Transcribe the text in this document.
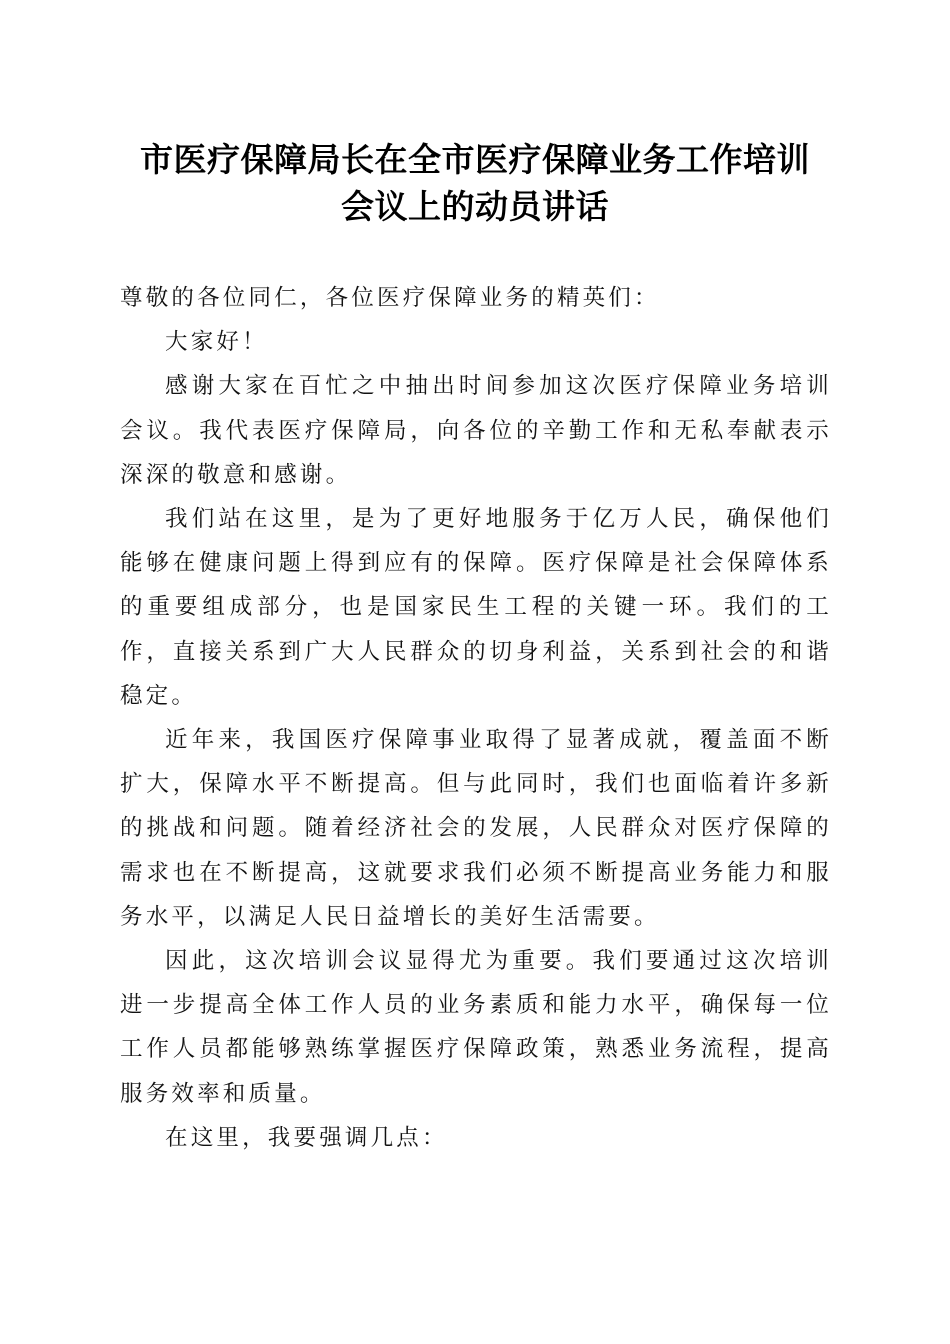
市医疗保障局长在全市医疗保障业务工作培训
会议上的动员讲话

尊敬的各位同仁，各位医疗保障业务的精英们：

大家好！

感谢大家在百忙之中抽出时间参加这次医疗保障业务培训会议。我代表医疗保障局，向各位的辛勤工作和无私奉献表示深深的敬意和感谢。

我们站在这里，是为了更好地服务于亿万人民，确保他们能够在健康问题上得到应有的保障。医疗保障是社会保障体系的重要组成部分，也是国家民生工程的关键一环。我们的工作，直接关系到广大人民群众的切身利益，关系到社会的和谐稳定。

近年来，我国医疗保障事业取得了显著成就，覆盖面不断扩大，保障水平不断提高。但与此同时，我们也面临着许多新的挑战和问题。随着经济社会的发展，人民群众对医疗保障的需求也在不断提高，这就要求我们必须不断提高业务能力和服务水平，以满足人民日益增长的美好生活需要。

因此，这次培训会议显得尤为重要。我们要通过这次培训进一步提高全体工作人员的业务素质和能力水平，确保每一位工作人员都能够熟练掌握医疗保障政策，熟悉业务流程，提高服务效率和质量。

在这里，我要强调几点：
